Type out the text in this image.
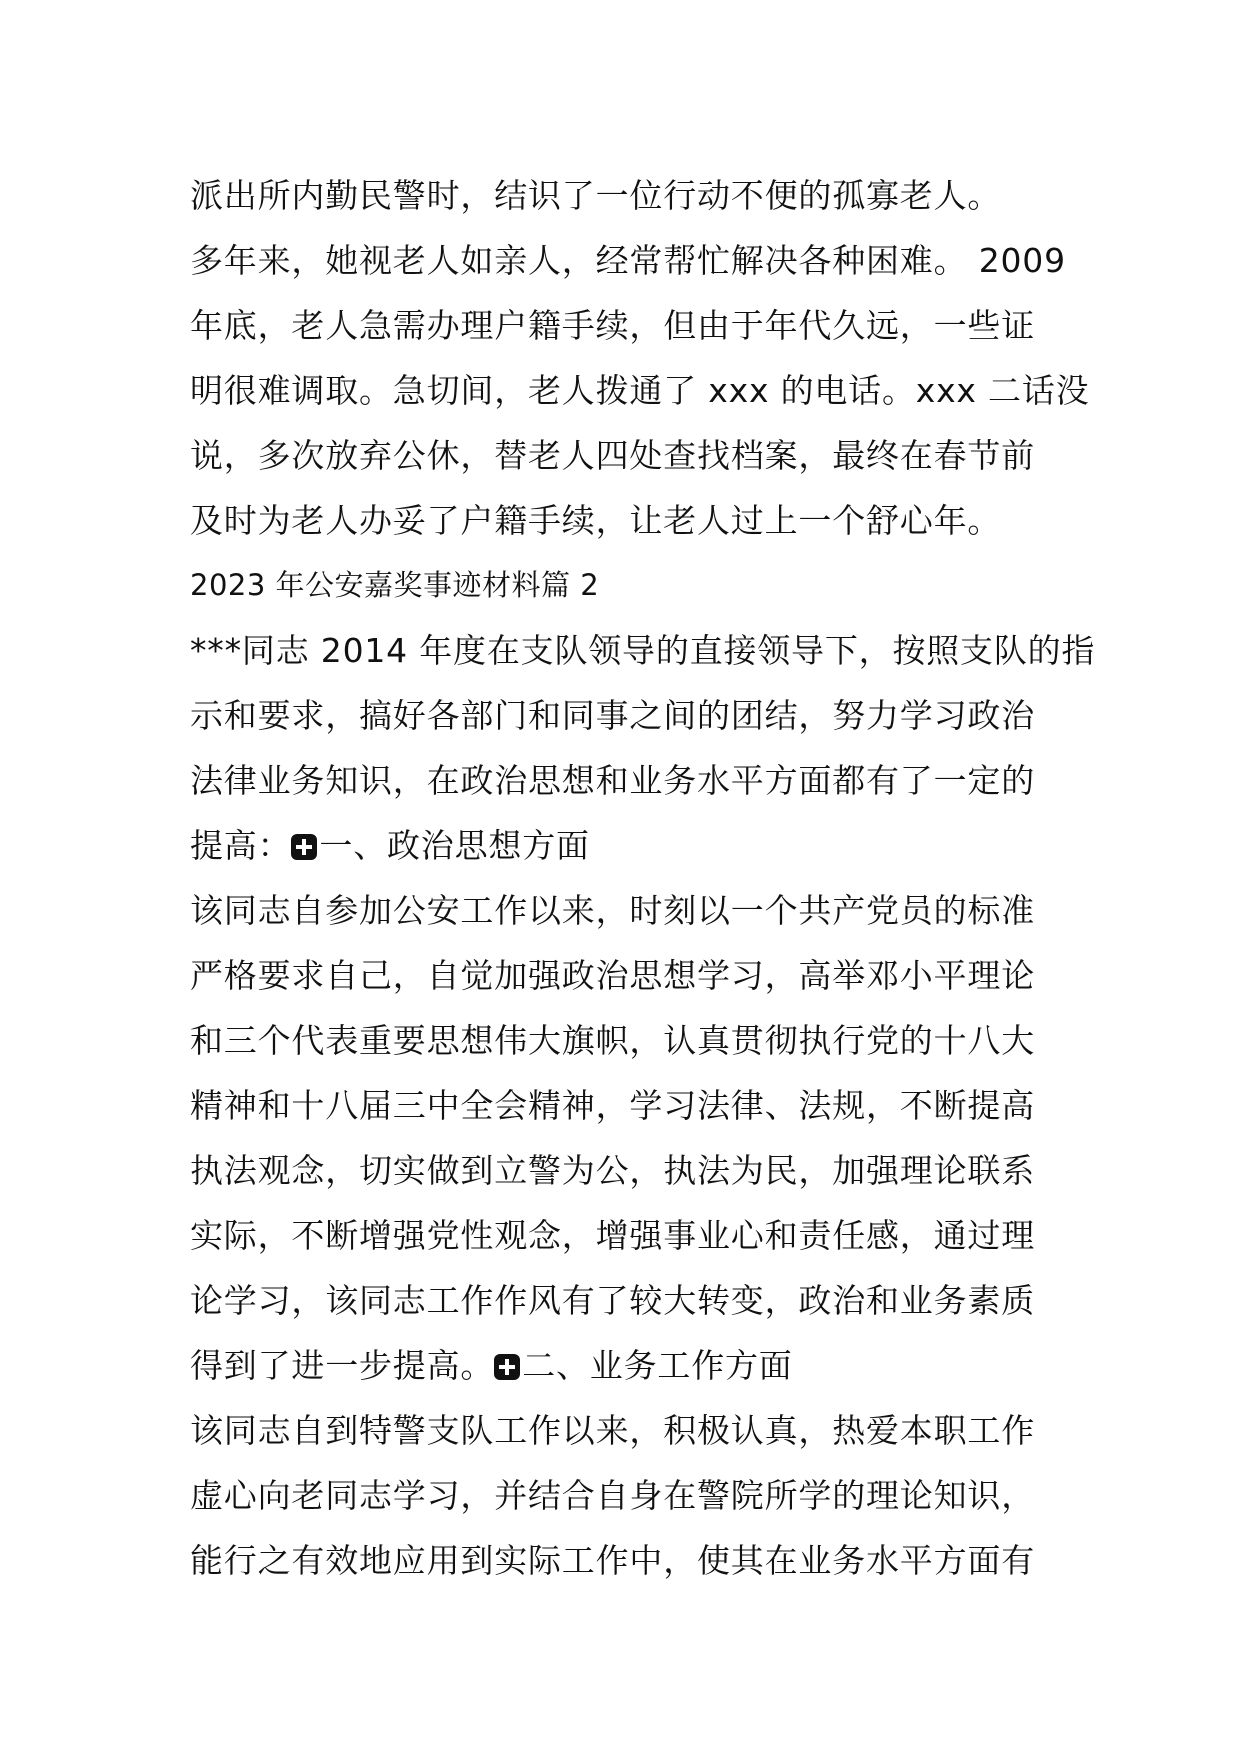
派出所内勤民警时，结识了一位行动不便的孤寡老人。
多年来，她视老人如亲人，经常帮忙解决各种困难。 2009
年底，老人急需办理户籍手续，但由于年代久远，一些证
明很难调取。急切间，老人拨通了 xxx 的电话。xxx 二话没
说，多次放弃公休，替老人四处查找档案，最终在春节前
及时为老人办妥了户籍手续，让老人过上一个舒心年。
2023 年公安嘉奖事迹材料篇 2
***同志 2014 年度在支队领导的直接领导下，按照支队的指
示和要求，搞好各部门和同事之间的团结，努力学习政治
法律业务知识，在政治思想和业务水平方面都有了一定的
提高： 一、政治思想方面
该同志自参加公安工作以来，时刻以一个共产党员的标准
严格要求自己，自觉加强政治思想学习，高举邓小平理论
和三个代表重要思想伟大旗帜，认真贯彻执行党的十八大
精神和十八届三中全会精神，学习法律、法规，不断提高
执法观念，切实做到立警为公，执法为民，加强理论联系
实际，不断增强党性观念，增强事业心和责任感，通过理
论学习，该同志工作作风有了较大转变，政治和业务素质
得到了进一步提高。 二、业务工作方面
该同志自到特警支队工作以来，积极认真，热爱本职工作
虚心向老同志学习，并结合自身在警院所学的理论知识，
能行之有效地应用到实际工作中，使其在业务水平方面有
